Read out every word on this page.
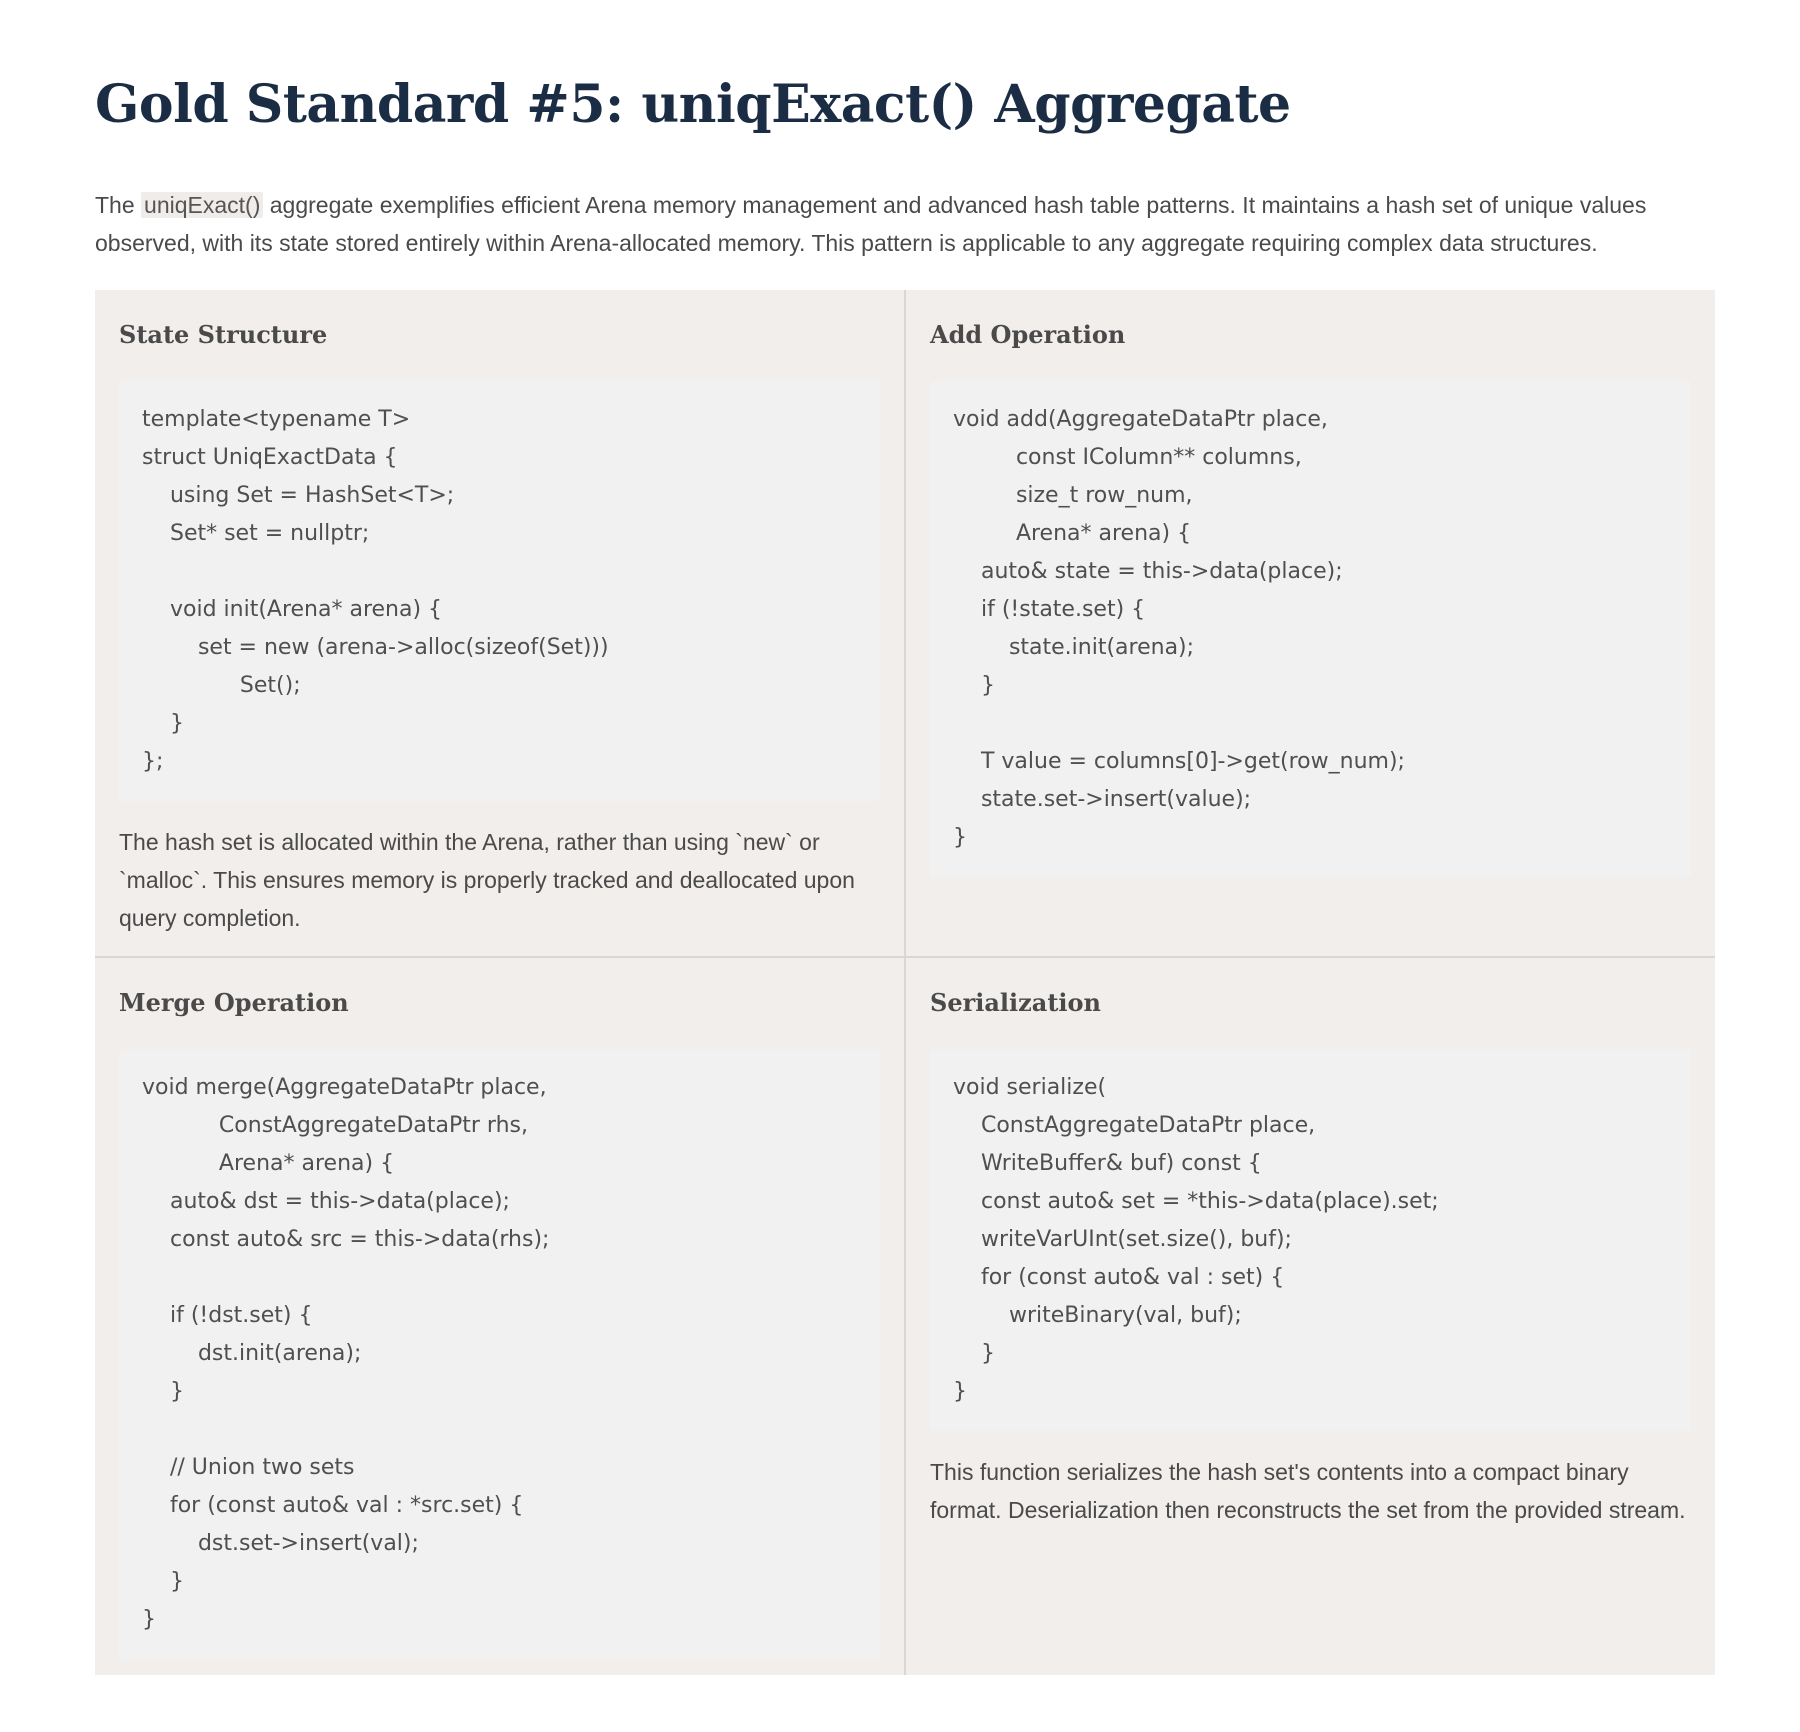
Gold Standard #5: uniqExact() Aggregate

The uniqExact() aggregate exemplifies efficient Arena memory management and advanced hash table patterns. It maintains a hash set of unique values observed, with its state stored entirely within Arena-allocated memory. This pattern is applicable to any aggregate requiring complex data structures.

State Structure
template<typename T>
struct UniqExactData {
using Set = HashSet<T>;
Set* set = nullptr;

void init(Arena* arena) {
set = new (arena->alloc(sizeof(Set)))
Set();
}
};

The hash set is allocated within the Arena, rather than using `new` or `malloc`. This ensures memory is properly tracked and deallocated upon query completion.

Add Operation
void add(AggregateDataPtr place,
const IColumn** columns,
size_t row_num,
Arena* arena) {
auto& state = this->data(place);
if (!state.set) {
state.init(arena);
}

T value = columns[0]->get(row_num);
state.set->insert(value);
}
Merge Operation
void merge(AggregateDataPtr place,
ConstAggregateDataPtr rhs,
Arena* arena) {
auto& dst = this->data(place);
const auto& src = this->data(rhs);

if (!dst.set) {
dst.init(arena);
}

// Union two sets
for (const auto& val : *src.set) {
dst.set->insert(val);
}
}
Serialization
void serialize(
ConstAggregateDataPtr place,
WriteBuffer& buf) const {
const auto& set = *this->data(place).set;
writeVarUInt(set.size(), buf);
for (const auto& val : set) {
writeBinary(val, buf);
}
}

This function serializes the hash set's contents into a compact binary format. Deserialization then reconstructs the set from the provided stream.
